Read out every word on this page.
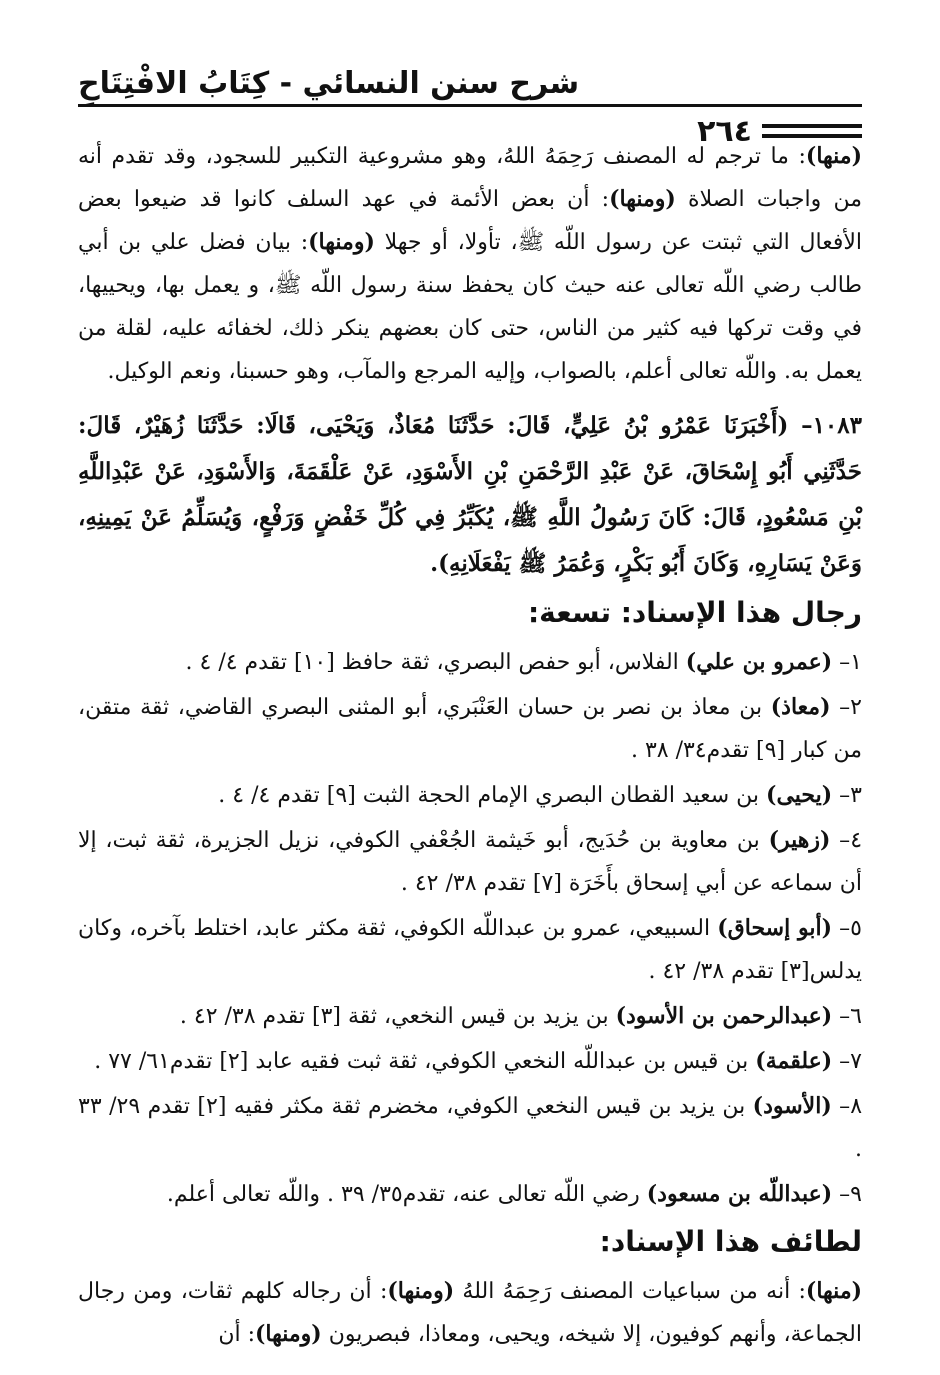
شرح سنن النسائي - كِتَابُ الافْتِتَاحِ
٢٦٤

(منها): ما ترجم له المصنف رَحِمَهُ اللهُ، وهو مشروعية التكبير للسجود، وقد تقدم أنه من واجبات الصلاة (ومنها): أن بعض الأئمة في عهد السلف كانوا قد ضيعوا بعض الأفعال التي ثبتت عن رسول اللّه ﷺ، تأولا، أو جهلا (ومنها): بيان فضل علي بن أبي طالب رضي اللّه تعالى عنه حيث كان يحفظ سنة رسول اللّه ﷺ، و يعمل بها، ويحييها، في وقت تركها فيه كثير من الناس، حتى كان بعضهم ينكر ذلك، لخفائه عليه، لقلة من يعمل به. واللّه تعالى أعلم، بالصواب، وإليه المرجع والمآب، وهو حسبنا، ونعم الوكيل.

١٠٨٣– (أَخْبَرَنَا عَمْرُو بْنُ عَلِيٍّ، قَالَ: حَدَّثَنَا مُعَاذٌ، وَيَحْيَى، قَالَا: حَدَّثَنَا زُهَيْرٌ، قَالَ: حَدَّثَنِي أَبُو إِسْحَاقَ، عَنْ عَبْدِ الرَّحْمَنِ بْنِ الأَسْوَدِ، عَنْ عَلْقَمَةَ، وَالأَسْوَدِ، عَنْ عَبْدِاللَّهِ بْنِ مَسْعُودٍ، قَالَ: كَانَ رَسُولُ اللَّهِ ﷺ، يُكَبِّرُ فِي كُلِّ خَفْضٍ وَرَفْعٍ، وَيُسَلِّمُ عَنْ يَمِينِهِ، وَعَنْ يَسَارِهِ، وَكَانَ أَبُو بَكْرٍ، وَعُمَرُ ﷺ يَفْعَلَانِهِ).

رجال هذا الإسناد: تسعة:

١– (عمرو بن علي) الفلاس، أبو حفص البصري، ثقة حافظ [١٠] تقدم ٤/ ٤ .

٢– (معاذ) بن معاذ بن نصر بن حسان العَنْبَري، أبو المثنى البصري القاضي، ثقة متقن، من كبار [٩] تقدم٣٤/ ٣٨ .

٣– (يحيى) بن سعيد القطان البصري الإمام الحجة الثبت [٩] تقدم ٤/ ٤ .

٤– (زهير) بن معاوية بن حُدَيج، أبو خَيثمة الجُعْفي الكوفي، نزيل الجزيرة، ثقة ثبت، إلا أن سماعه عن أبي إسحاق بأَخَرَة [٧] تقدم ٣٨/ ٤٢ .

٥– (أبو إسحاق) السبيعي، عمرو بن عبداللّه الكوفي، ثقة مكثر عابد، اختلط بآخره، وكان يدلس[٣] تقدم ٣٨/ ٤٢ .

٦– (عبدالرحمن بن الأسود) بن يزيد بن قيس النخعي، ثقة [٣] تقدم ٣٨/ ٤٢ .

٧– (علقمة) بن قيس بن عبداللّه النخعي الكوفي، ثقة ثبت فقيه عابد [٢] تقدم٦١/ ٧٧ .

٨– (الأسود) بن يزيد بن قيس النخعي الكوفي، مخضرم ثقة مكثر فقيه [٢] تقدم ٢٩/ ٣٣ .

٩– (عبداللّه بن مسعود) رضي اللّه تعالى عنه، تقدم٣٥/ ٣٩ . واللّه تعالى أعلم.

لطائف هذا الإسناد:

(منها): أنه من سباعيات المصنف رَحِمَهُ اللهُ (ومنها): أن رجاله كلهم ثقات، ومن رجال الجماعة، وأنهم كوفيون، إلا شيخه، ويحيى، ومعاذا، فبصريون (ومنها): أن
